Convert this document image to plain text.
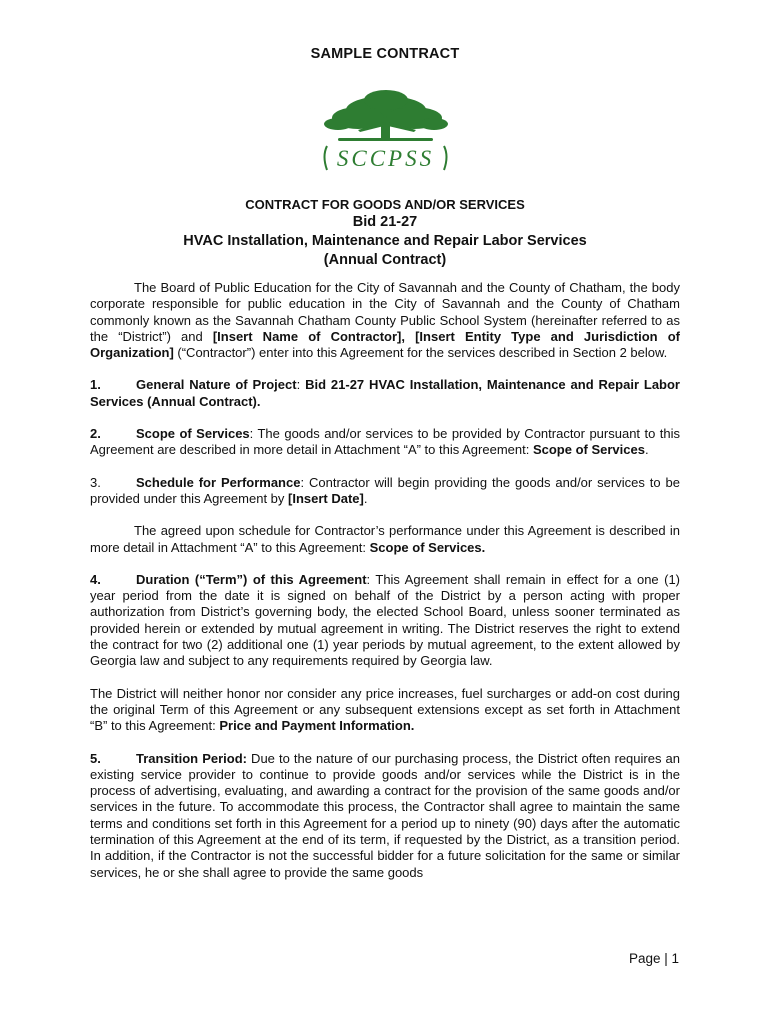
SAMPLE CONTRACT
SCCPSS
CONTRACT FOR GOODS AND/OR SERVICES
Bid 21-27
HVAC Installation, Maintenance and Repair Labor Services
(Annual Contract)

The Board of Public Education for the City of Savannah and the County of Chatham, the body corporate responsible for public education in the City of Savannah and the County of Chatham commonly known as the Savannah Chatham County Public School System (hereinafter referred to as the “District”) and [Insert Name of Contractor], [Insert Entity Type and Jurisdiction of Organization] (“Contractor”) enter into this Agreement for the services described in Section 2 below.

1.	General Nature of Project: Bid 21-27 HVAC Installation, Maintenance and Repair Labor Services (Annual Contract).

2.	Scope of Services: The goods and/or services to be provided by Contractor pursuant to this Agreement are described in more detail in Attachment “A” to this Agreement: Scope of Services.

3.	Schedule for Performance: Contractor will begin providing the goods and/or services to be provided under this Agreement by [Insert Date].

The agreed upon schedule for Contractor’s performance under this Agreement is described in more detail in Attachment “A” to this Agreement: Scope of Services.

4.	Duration (“Term”) of this Agreement: This Agreement shall remain in effect for a one (1) year period from the date it is signed on behalf of the District by a person acting with proper authorization from District’s governing body, the elected School Board, unless sooner terminated as provided herein or extended by mutual agreement in writing. The District reserves the right to extend the contract for two (2) additional one (1) year periods by mutual agreement, to the extent allowed by Georgia law and subject to any requirements required by Georgia law.

The District will neither honor nor consider any price increases, fuel surcharges or add-on cost during the original Term of this Agreement or any subsequent extensions except as set forth in Attachment “B” to this Agreement: Price and Payment Information.

5.	Transition Period: Due to the nature of our purchasing process, the District often requires an existing service provider to continue to provide goods and/or services while the District is in the process of advertising, evaluating, and awarding a contract for the provision of the same goods and/or services in the future. To accommodate this process, the Contractor shall agree to maintain the same terms and conditions set forth in this Agreement for a period up to ninety (90) days after the automatic termination of this Agreement at the end of its term, if requested by the District, as a transition period. In addition, if the Contractor is not the successful bidder for a future solicitation for the same or similar services, he or she shall agree to provide the same goods

Page | 1
